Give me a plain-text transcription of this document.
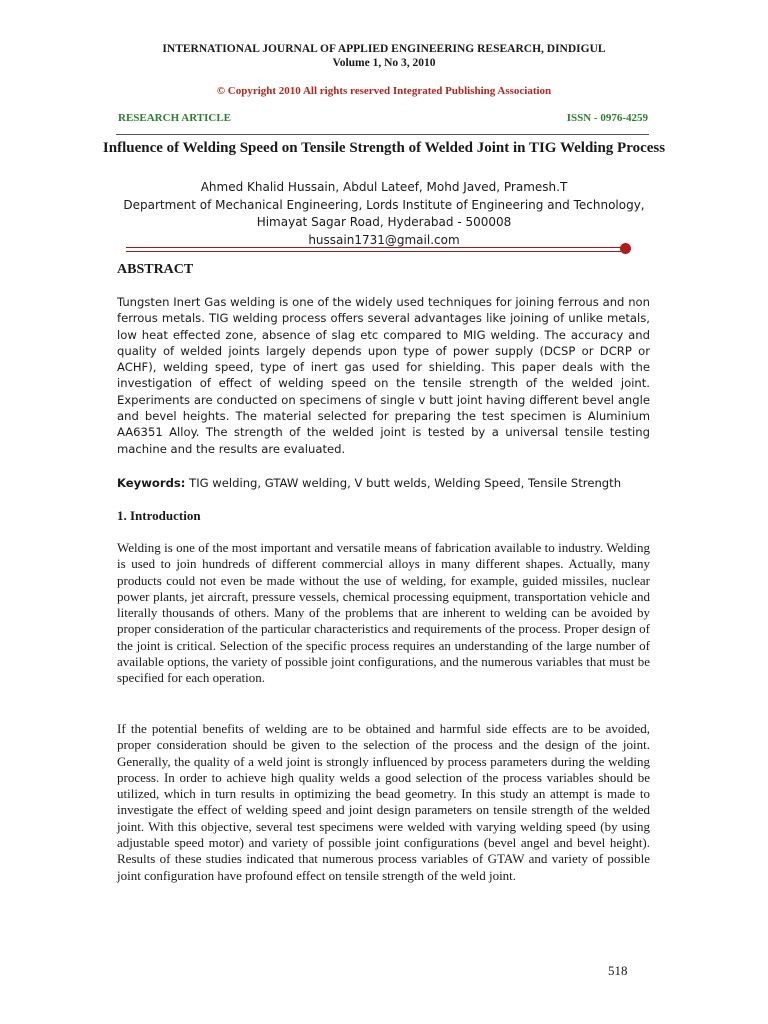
INTERNATIONAL JOURNAL OF APPLIED ENGINEERING RESEARCH, DINDIGUL
Volume 1, No 3, 2010
© Copyright 2010 All rights reserved Integrated Publishing Association
RESEARCH ARTICLE	ISSN - 0976-4259
Influence of Welding Speed on Tensile Strength of Welded Joint in TIG Welding Process
Ahmed Khalid Hussain, Abdul Lateef, Mohd Javed, Pramesh.T
Department of Mechanical Engineering, Lords Institute of Engineering and Technology,
Himayat Sagar Road, Hyderabad - 500008
hussain1731@gmail.com
ABSTRACT
Tungsten Inert Gas welding is one of the widely used techniques for joining ferrous and non ferrous metals. TIG welding process offers several advantages like joining of unlike metals, low heat effected zone, absence of slag etc compared to MIG welding. The accuracy and quality of welded joints largely depends upon type of power supply (DCSP or DCRP or ACHF), welding speed, type of inert gas used for shielding. This paper deals with the investigation of effect of welding speed on the tensile strength of the welded joint. Experiments are conducted on specimens of single v butt joint having different bevel angle and bevel heights. The material selected for preparing the test specimen is Aluminium AA6351 Alloy. The strength of the welded joint is tested by a universal tensile testing machine and the results are evaluated.
Keywords: TIG welding, GTAW welding, V butt welds, Welding Speed, Tensile Strength
1. Introduction
Welding is one of the most important and versatile means of fabrication available to industry. Welding is used to join hundreds of different commercial alloys in many different shapes. Actually, many products could not even be made without the use of welding, for example, guided missiles, nuclear power plants, jet aircraft, pressure vessels, chemical processing equipment, transportation vehicle and literally thousands of others. Many of the problems that are inherent to welding can be avoided by proper consideration of the particular characteristics and requirements of the process. Proper design of the joint is critical. Selection of the specific process requires an understanding of the large number of available options, the variety of possible joint configurations, and the numerous variables that must be specified for each operation.
If the potential benefits of welding are to be obtained and harmful side effects are to be avoided, proper consideration should be given to the selection of the process and the design of the joint. Generally, the quality of a weld joint is strongly influenced by process parameters during the welding process. In order to achieve high quality welds a good selection of the process variables should be utilized, which in turn results in optimizing the bead geometry. In this study an attempt is made to investigate the effect of welding speed and joint design parameters on tensile strength of the welded joint. With this objective, several test specimens were welded with varying welding speed (by using adjustable speed motor) and variety of possible joint configurations (bevel angel and bevel height). Results of these studies indicated that numerous process variables of GTAW and variety of possible joint configuration have profound effect on tensile strength of the weld joint.
518
